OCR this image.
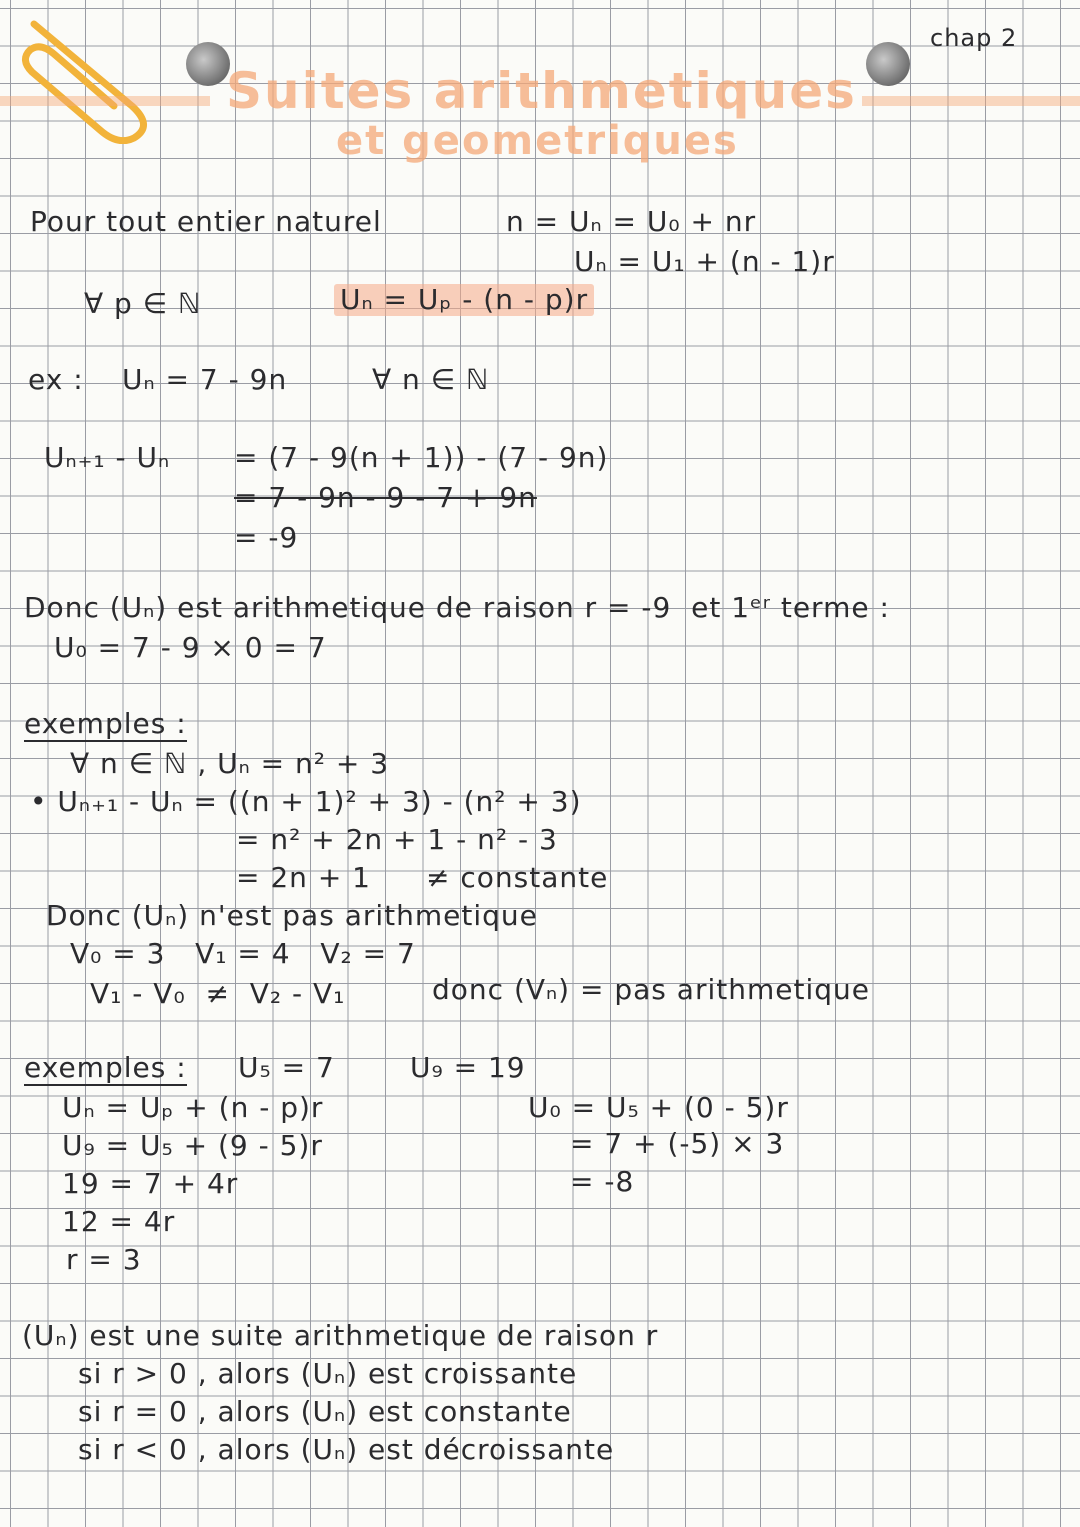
chap 2
Suites arithmetiques
et geometriques
Pour tout entier naturel	n = Uₙ = U₀ + nr
Uₙ = U₁ + (n - 1)r
∀ p ∈ ℕ	Uₙ = Uₚ - (n - p)r
ex : Uₙ = 7 - 9n	∀ n ∈ ℕ
Uₙ₊₁ - Uₙ = (7 - 9(n + 1)) - (7 - 9n)
= 7 - 9n - 9 - 7 + 9n
= -9
Donc (Uₙ) est arithmetique de raison r = -9  et 1ᵉʳ terme :
U₀ = 7 - 9 × 0 = 7
exemples :
∀ n ∈ ℕ , Uₙ = n² + 3
• Uₙ₊₁ - Uₙ = ((n + 1)² + 3) - (n² + 3)
= n² + 2n + 1 - n² - 3
= 2n + 1 ≠ constante
Donc (Uₙ) n'est pas arithmetique
V₀ = 3   V₁ = 4   V₂ = 7
V₁ - V₀  ≠  V₂ - V₁	donc (Vₙ) = pas arithmetique
exemples : U₅ = 7	U₉ = 19
Uₙ = Uₚ + (n - p)r
U₉ = U₅ + (9 - 5)r
19 = 7 + 4r
12 = 4r
r = 3
U₀ = U₅ + (0 - 5)r
= 7 + (-5) × 3
= -8
(Uₙ) est une suite arithmetique de raison r
si r > 0 , alors (Uₙ) est croissante
si r = 0 , alors (Uₙ) est constante
si r < 0 , alors (Uₙ) est décroissante
